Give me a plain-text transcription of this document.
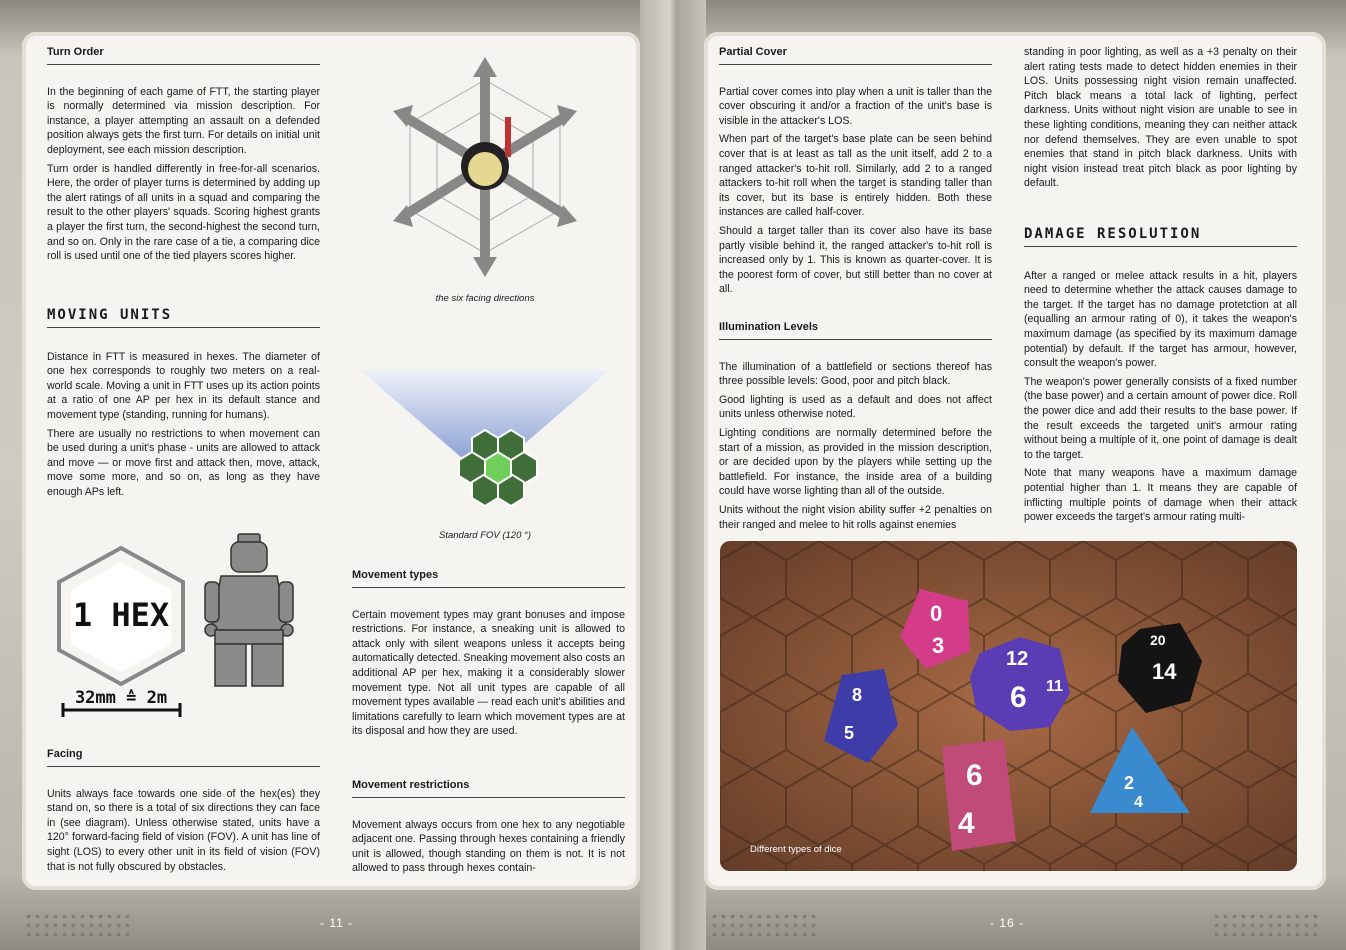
Turn Order

In the beginning of each game of FTT, the starting player is normally determined via mission description. For instance, a player attempting an assault on a defended position always gets the first turn. For details on initial unit deployment, see each mission description.

Turn order is handled differently in free-for-all scenarios. Here, the order of player turns is determined by adding up the alert ratings of all units in a squad and comparing the result to the other players' squads. Scoring highest grants a player the first turn, the second-highest the second turn, and so on. Only in the rare case of a tie, a comparing dice roll is used until one of the tied players scores higher.

MOVING UNITS

Distance in FTT is measured in hexes. The diameter of one hex corresponds to roughly two meters on a real-world scale. Moving a unit in FTT uses up its action points at a ratio of one AP per hex in its default stance and movement type (standing, running for humans).

There are usually no restrictions to when movement can be used during a unit's phase - units are allowed to attack and move — or move first and attack then, move, attack, move some more, and so on, as long as they have enough APs left.

1 HEX
32mm ≙ 2m
Facing

Units always face towards one side of the hex(es) they stand on, so there is a total of six directions they can face in (see diagram). Unless otherwise stated, units have a 120° forward-facing field of vision (FOV). A unit has line of sight (LOS) to every other unit in its field of vision (FOV) that is not fully obscured by obstacles.

the six facing directions
Standard FOV (120 °)
Movement types

Certain movement types may grant bonuses and impose restrictions. For instance, a sneaking unit is allowed to attack only with silent weapons unless it accepts being automatically detected. Sneaking movement also costs an additional AP per hex, making it a considerably slower movement type. Not all unit types are capable of all movement types available — read each unit's abilities and limitations carefully to learn which movement types are at its disposal and how they are used.

Movement restrictions

Movement always occurs from one hex to any negotiable adjacent one. Passing through hexes containing a friendly unit is allowed, though standing on them is not. It is not allowed to pass through hexes contain-

Partial Cover

Partial cover comes into play when a unit is taller than the cover obscuring it and/or a fraction of the unit's base is visible in the attacker's LOS.

When part of the target's base plate can be seen behind cover that is at least as tall as the unit itself, add 2 to a ranged attacker's to-hit roll. Similarly, add 2 to a ranged attackers to-hit roll when the target is standing taller than its cover, but its base is entirely hidden. Both these instances are called half-cover.

Should a target taller than its cover also have its base partly visible behind it, the ranged attacker's to-hit roll is increased only by 1. This is known as quarter-cover. It is the poorest form of cover, but still better than no cover at all.

Illumination Levels

The illumination of a battlefield or sections thereof has three possible levels: Good, poor and pitch black.

Good lighting is used as a default and does not affect units unless otherwise noted.

Lighting conditions are normally determined before the start of a mission, as provided in the mission description, or are decided upon by the players while setting up the battlefield. For instance, the inside area of a building could have worse lighting than all of the outside.

Units without the night vision ability suffer +2 penalties on their ranged and melee to hit rolls against enemies

standing in poor lighting, as well as a +3 penalty on their alert rating tests made to detect hidden enemies in their LOS. Units possessing night vision remain unaffected. Pitch black means a total lack of lighting, perfect darkness. Units without night vision are unable to see in these lighting conditions, meaning they can neither attack nor defend themselves. They are even unable to spot enemies that stand in pitch black darkness. Units with night vision instead treat pitch black as poor lighting by default.

DAMAGE RESOLUTION

After a ranged or melee attack results in a hit, players need to determine whether the attack causes damage to the target. If the target has no damage protetction at all (equalling an armour rating of 0), it takes the weapon's maximum damage (as specified by its maximum damage potential) by default. If the target has armour, however, consult the weapon's power.

The weapon's power generally consists of a fixed number (the base power) and a certain amount of power dice. Roll the power dice and add their results to the base power. If the result exceeds the targeted unit's armour rating without being a multiple of it, one point of damage is dealt to the target.

Note that many weapons have a maximum damage potential higher than 1. It means they are capable of inflicting multiple points of damage when their attack power exceeds the target's armour rating multi-

0
3
12
6 11
8
5
20
14
6
4
2
4
Different types of dice
- 11 -	- 16 -
